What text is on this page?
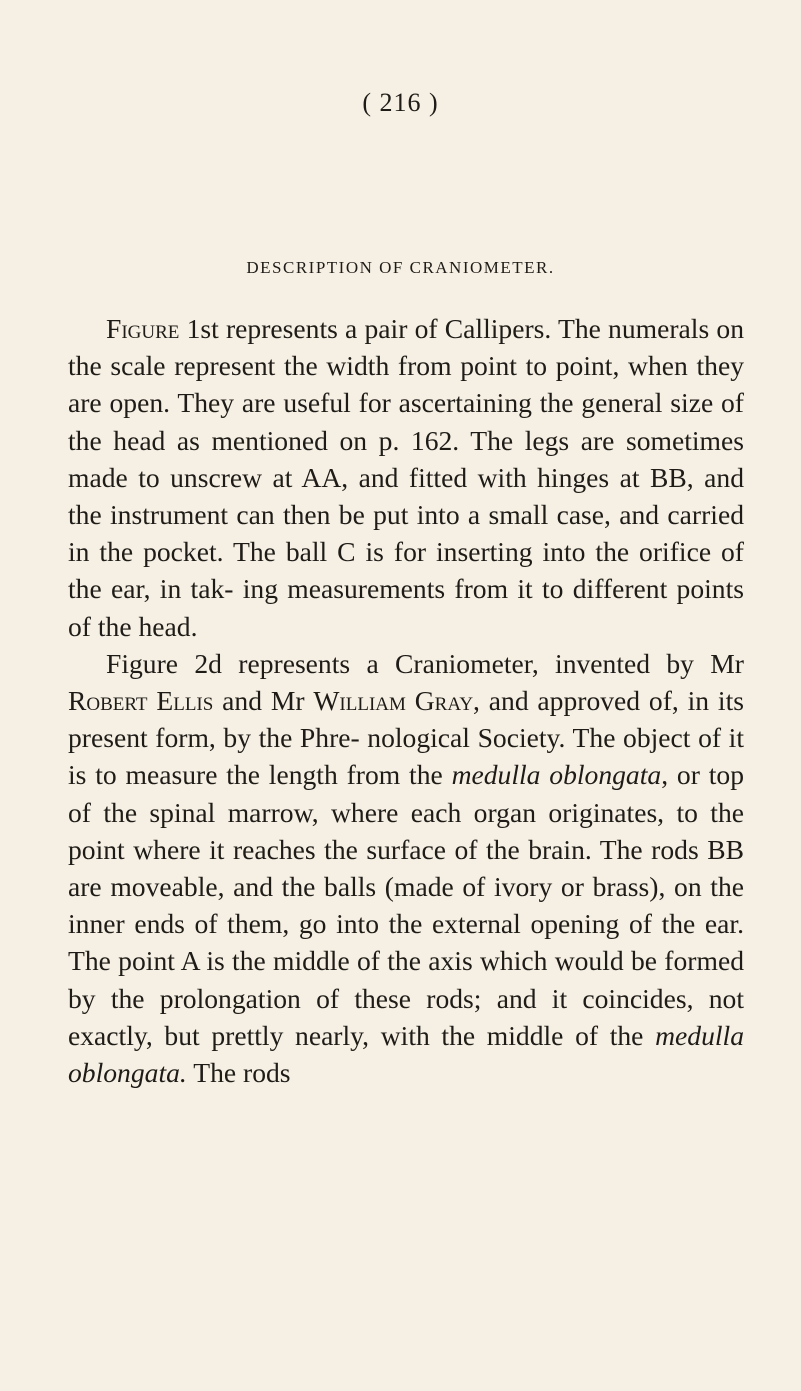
( 216 )
DESCRIPTION OF CRANIOMETER.

Figure 1st represents a pair of Callipers. The numerals on the scale represent the width from point to point, when they are open. They are useful for ascertaining the general size of the head as mentioned on p. 162. The legs are sometimes made to unscrew at AA, and fitted with hinges at BB, and the instrument can then be put into a small case, and carried in the pocket. The ball C is for inserting into the orifice of the ear, in tak- ing measurements from it to different points of the head.

Figure 2d represents a Craniometer, invented by Mr Robert Ellis and Mr William Gray, and approved of, in its present form, by the Phre- nological Society. The object of it is to measure the length from the medulla oblongata, or top of the spinal marrow, where each organ originates, to the point where it reaches the surface of the brain. The rods BB are moveable, and the balls (made of ivory or brass), on the inner ends of them, go into the external opening of the ear. The point A is the middle of the axis which would be formed by the prolongation of these rods; and it coincides, not exactly, but prettly nearly, with the middle of the medulla oblongata. The rods
